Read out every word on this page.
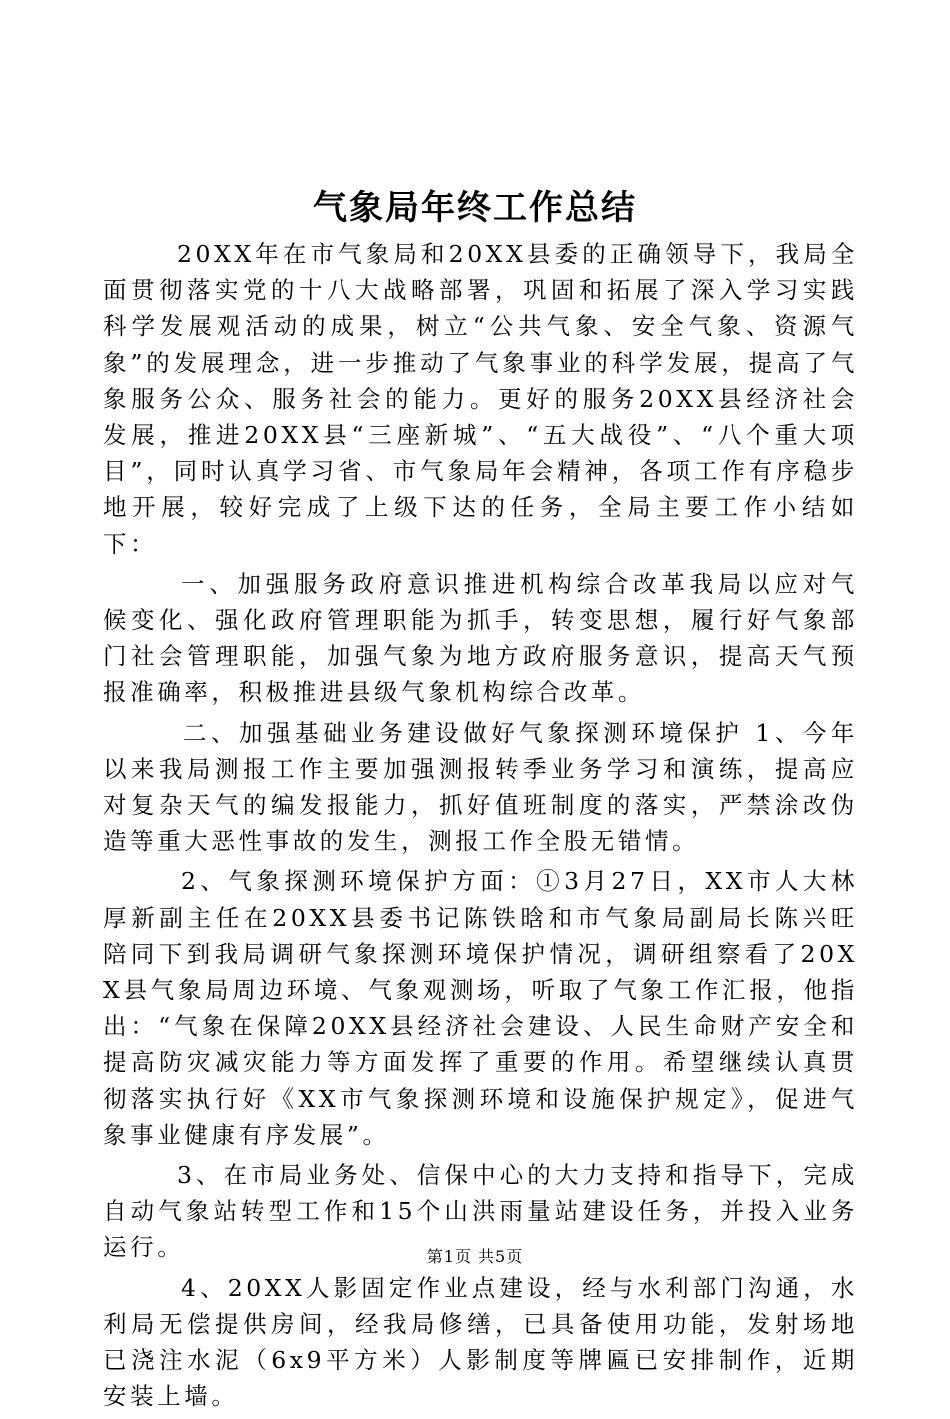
气象局年终工作总结

20XX年在市气象局和20XX县委的正确领导下，我局全面贯彻落实党的十八大战略部署，巩固和拓展了深入学习实践科学发展观活动的成果，树立“公共气象、安全气象、资源气象”的发展理念，进一步推动了气象事业的科学发展，提高了气象服务公众、服务社会的能力。更好的服务20XX县经济社会发展，推进20XX县“三座新城”、“五大战役”、“八个重大项目”，同时认真学习省、市气象局年会精神，各项工作有序稳步地开展，较好完成了上级下达的任务，全局主要工作小结如下：

一、加强服务政府意识推进机构综合改革我局以应对气候变化、强化政府管理职能为抓手，转变思想，履行好气象部门社会管理职能，加强气象为地方政府服务意识，提高天气预报准确率，积极推进县级气象机构综合改革。

二、加强基础业务建设做好气象探测环境保护 1、今年以来我局测报工作主要加强测报转季业务学习和演练，提高应对复杂天气的编发报能力，抓好值班制度的落实，严禁涂改伪造等重大恶性事故的发生，测报工作全股无错情。

2、气象探测环境保护方面：①3月27日，XX市人大林厚新副主任在20XX县委书记陈铁晗和市气象局副局长陈兴旺陪同下到我局调研气象探测环境保护情况，调研组察看了20XX县气象局周边环境、气象观测场，听取了气象工作汇报，他指出：“气象在保障20XX县经济社会建设、人民生命财产安全和提高防灾减灾能力等方面发挥了重要的作用。希望继续认真贯彻落实执行好《XX市气象探测环境和设施保护规定》，促进气象事业健康有序发展”。

3、在市局业务处、信保中心的大力支持和指导下，完成自动气象站转型工作和15个山洪雨量站建设任务，并投入业务运行。

4、20XX人影固定作业点建设，经与水利部门沟通，水利局无偿提供房间，经我局修缮，已具备使用功能，发射场地已浇注水泥（6x9平方米）人影制度等牌匾已安排制作，近期安装上墙。

第1页 共5页
